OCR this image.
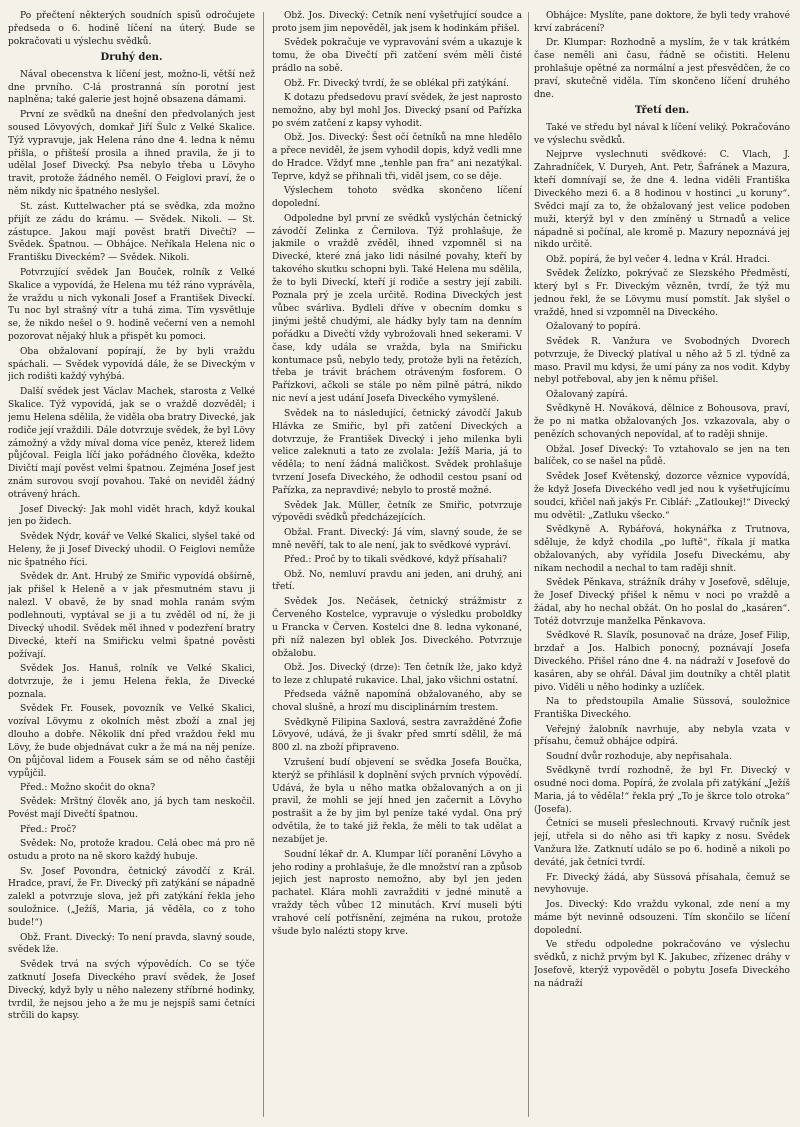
Po přečtení některých soudních spisů odročujete předseda o 6. hodině líčení na úterý. Bude se pokračovati u výslechu svědků.

Druhý den.

Nával obecenstva k líčení jest, možno-li, větší než dne prvního. C-lá prostranná sín porotní jest naplněna; také galerie jest hojně obsazena dámami.

První ze svědků na dnešní den předvolaných jest soused Lövyových, domkař Jiří Šulc z Velké Skalice. Týž vypravuje, jak Helena ráno dne 4. ledna k němu přišla, o přišteší prosila a ihned pravila, že ji to udělal Josef Divecký. Psa nebylo třeba u Lövyho travit, protože žádného neměl. O Feiglovi praví, že o něm nikdy nic špatného neslyšel.

St. zást. Kuttelwacher ptá se svědka, zda možno přijít ze zádu do krámu. — Svědek. Nikoli. — St. zástupce. Jakou mají pověst bratři Divečtí? — Svědek. Špatnou. — Obhájce. Neříkala Helena nic o Františku Diveckém? — Svědek. Nikoli.

Potvrzující svědek Jan Bouček, rolník z Velké Skalice a vypovídá, že Helena mu též ráno vyprávěla, že vraždu u nich vykonali Josef a František Diveckí. Tu noc byl strašný vítr a tuhá zima. Tím vysvětluje se, že nikdo nešel o 9. hodině večerní ven a nemohl pozorovat nějaký hluk a přispět ku pomoci.

Oba obžalovaní popírají, že by byli vraždu spáchali. — Svědek vypovídá dále, že se Diveckým v jich rodišti každý vyhýbá.

Další svědek jest Václav Machek, starosta z Velké Skalice. Týž vypovídá, jak se o vraždě dozvěděl; i jemu Helena sdělila, že viděla oba bratry Divecké, jak rodiče její vraždili. Dále dotvrzuje svědek, že byl Lövy zámožný a vždy míval doma více peněz, kterež lidem půjčoval. Feigla líčí jako pořádného člověka, kdežto Divičtí mají pověst velmi špatnou. Zejména Josef jest znám surovou svojí povahou. Také on neviděl žádný otrávený hrách.

Josef Divecký: Jak mohl vidět hrach, když koukal jen po židech.

Svědek Nýdr, kovář ve Velké Skalici, slyšel také od Heleny, že ji Josef Divecký uhodil. O Feiglovi nemůže nic špatného říci.

Svědek dr. Ant. Hrubý ze Smiřic vypovídá obšírně, jak přišel k Heleně a v jak přesmutném stavu ji nalezl. V obavě, že by snad mohla ranám svým podlehnouti, vyptával se ji a tu zvěděl od ní, že ji Divecký uhodil. Svědek měl ihned v podezření bratry Divecké, kteří na Smiřicku velmi špatné pověsti požívají.

Svědek Jos. Hanuš, rolník ve Velké Skalici, dotvrzuje, že i jemu Helena řekla, že Divecké poznala.

Svědek Fr. Fousek, povozník ve Velké Skalici, vozíval Lövymu z okolních měst zboží a znal jej dlouho a dobře. Několik dní před vraždou řekl mu Lövy, že bude objednávat cukr a že má na něj peníze. On půjčoval lidem a Fousek sám se od něho častěji vypůjčil.

Před.: Možno skočit do okna?

Svědek: Mrštný člověk ano, já bych tam neskočil. Povést mají Divečtí špatnou.

Před.: Proč?

Svědek: No, protože kradou. Celá obec má pro ně ostudu a proto na ně skoro každý hubuje.

Sv. Josef Povondra, četnický závodčí z Král. Hradce, praví, že Fr. Divecký při zatýkání se nápadně zalekl a potvrzuje slova, jež při zatýkání řekla jeho souložnice. („Ježíš, Maria, já věděla, co z toho bude!“)

Obž. Frant. Divecký: To není pravda, slavný soude, svědek lže.

Svědek trvá na svých výpovědích. Co se týče zatknutí Josefa Diveckého praví svědek, že Josef Divecký, když byly u něho nalezeny stříbrné hodinky, tvrdil, že nejsou jeho a že mu je nejspíš sami četníci strčili do kapsy.

Obž. Jos. Divecký: Četník není vyšetřující soudce a proto jsem jim nepověděl, jak jsem k hodinkám přišel.

Svědek pokračuje ve vypravování svém a ukazuje k tomu, že oba Divečtí při zatčení svém měli čisté prádlo na sobě.

Obž. Fr. Divecký tvrdí, že se oblékal při zatýkání.

K dotazu předsedovu praví svědek, že jest naprosto nemožno, aby byl mohl Jos. Divecký psaní od Pařízka po svém zatčení z kapsy vyhodit.

Obž. Jos. Divecký: Šest očí četníků na mne hledělo a přece neviděl, že jsem vyhodil dopis, když vedli mne do Hradce. Vždyť mne „tenhle pan fra“ ani nezatýkal. Teprve, když se přihnali tři, viděl jsem, co se děje.

Výslechem tohoto svědka skončeno líčení dopolední.

Odpoledne byl první ze svědků vyslýchán četnický závodčí Zelinka z Černilova. Týž prohlašuje, že jakmile o vraždě zvěděl, ihned vzpomněl si na Divecké, které zná jako lidi násilné povahy, kteří by takového skutku schopni byli. Také Helena mu sdělila, že to byli Diveckí, kteří jí rodiče a sestry její zabili. Poznala prý je zcela určitě. Rodina Diveckých jest vůbec svárliva. Bydleli dříve v obecním domku s jinými ještě chudými, ale hádky byly tam na denním pořádku a Divečtí vždy vybrožovali hned sekerami. V čase, kdy udála se vražda, byla na Smiřicku kontumace psů, nebylo tedy, protože byli na řetězích, třeba je trávit bráchem otráveným fosforem. O Pařízkovi, ačkoli se stále po něm pilně pátrá, nikdo nic neví a jest udání Josefa Diveckého vymyšlené.

Svědek na to následující, četnický závodčí Jakub Hlávka ze Smiřic, byl při zatčení Diveckých a dotvrzuje, že František Divecký i jeho milenka byli velice zaleknuti a tato ze zvolala: Ježíš Maria, já to věděla; to není žádná maličkost. Svědek prohlašuje tvrzení Josefa Diveckého, že odhodil cestou psaní od Pařízka, za nepravdivé; nebylo to prostě možné.

Svědek Jak. Müller, četník ze Smiřic, potvrzuje výpovědi svědků předcházejících.

Obžal. Frant. Divecký: Já vím, slavný soude, že se mně nevěří, tak to ale není, jak to svědkové vypráví.

Před.: Proč by to tikali svědkové, když přísahali?

Obž. No, nemluví pravdu ani jeden, ani druhý, ani třetí.

Svědek Jos. Nečásek, četnický strážmistr z Červeného Kostelce, vypravuje o výsledku proboldky u Francka v Červen. Kostelci dne 8. ledna vykonané, při níž nalezen byl oblek Jos. Diveckého. Potvrzuje obžalobu.

Obž. Jos. Divecký (drze): Ten četník lže, jako když to leze z chlupaté rukavice. Lhal, jako všichni ostatní.

Předseda vážně napomíná obžalovaného, aby se choval slušně, a hrozí mu disciplinárním trestem.

Svědkyně Filipina Saxlová, sestra zavražděné Žofie Lövyové, udává, že ji švakr před smrtí sdělil, že má 800 zl. na zboží připraveno.

Vzrušení budí objevení se svědka Josefa Boučka, kterýž se přihlásil k doplnění svých prvních výpovědí. Udává, že byla u něho matka obžalovaných a on ji pravil, že mohli se její hned jen začernit a Lövyho postrašit a že by jim byl peníze také vydal. Ona prý odvětila, že to také již řekla, že měli to tak udělat a nezabíjet je.

Soudní lékař dr. A. Klumpar líčí poranění Lövyho a jeho rodiny a prohlašuje, že dle množství ran a způsob jejich jest naprosto nemožno, aby byl jen jeden pachatel. Klára mohli zavražditi v jedné minutě a vraždy těch vůbec 12 minutách. Krví museli býti vrahové celí potřísnění, zejména na rukou, protože všude bylo nalézti stopy krve.

Obhájce: Myslíte, pane doktore, že byli tedy vrahové krví zabrácení?

Dr. Klumpar: Rozhodně a myslím, že v tak krátkém čase neměli ani času, řádně se očistiti. Helenu prohlašuje opětné za normální a jest přesvědčen, že co praví, skutečně viděla. Tím skončeno líčení druhého dne.

Třetí den.

Také ve středu byl nával k líčení veliký. Pokračováno ve výslechu svědků.

Nejprve vyslechnuti svědkové: C. Vlach, J. Zahradníček, V. Duryeh, Ant. Petr, Šafránek a Mazura, kteří domnívají se, že dne 4. ledna viděli Františka Diveckého mezi 6. a 8 hodinou v hostinci „u koruny“. Svědci mají za to, že obžalovaný jest velice podoben muži, kterýž byl v den zmíněný u Strnadů a velice nápadně si počínal, ale kromě p. Mazury nepoznává jej nikdo určitě.

Obž. popírá, že byl večer 4. ledna v Král. Hradci.

Svědek Želízko, pokrývač ze Slezského Předměstí, který byl s Fr. Diveckým vězněn, tvrdí, že týž mu jednou řekl, že se Lövymu musí pomstít. Jak slyšel o vraždě, hned si vzpomněl na Diveckého.

Ožalovaný to popírá.

Svědek R. Vanžura ve Svobodných Dvorech potvrzuje, že Divecký platíval u něho až 5 zl. týdně za maso. Pravil mu kdysi, že umí pány za nos vodit. Kdyby nebyl potřeboval, aby jen k němu přišel.

Ožalovaný zapírá.

Svědkyně H. Nováková, dělnice z Bohousova, praví, že po ni matka obžalovaných Jos. vzkazovala, aby o penězích schovaných nepovídal, ať to raději shnije.

Obžal. Josef Divecký: To vztahovalo se jen na ten balíček, co se našel na půdě.

Svědek Josef Květenský, dozorce věznice vypovídá, že když Josefa Diveckého vedl jed nou k vyšetřujícímu soudci, křičel naň jakýs Fr. Ciblář: „Zatloukej!“ Divecký mu odvětil: „Zatluku všecko.“

Svědkyně A. Rybářová, hokynářka z Trutnova, sděluje, že když chodila „po luftě“, říkala jí matka obžalovaných, aby vyřídila Josefu Diveckému, aby nikam nechodil a nechal to tam raději shnít.

Svědek Pěnkava, strážník dráhy v Josefově, sděluje, že Josef Divecký přišel k němu v noci po vraždě a žádal, aby ho nechal obžát. On ho poslal do „kasáren“. Totéž dotvrzuje manželka Pěnkavova.

Svědkové R. Slavík, posunovač na dráze, Josef Filip, brzdař a Jos. Halbich ponocný, poznávají Josefa Diveckého. Přišel ráno dne 4. na nádraží v Josefově do kasáren, aby se ohřál. Dával jim doutníky a chtěl platit pivo. Viděli u něho hodinky a uzlíček.

Na to předstoupila Amalie Süssová, souložnice Františka Diveckého.

Veřejný žalobník navrhuje, aby nebyla vzata v přísahu, čemuž obhájce odpírá.

Soudní dvůr rozhoduje, aby nepřisahala.

Svědkyně tvrdí rozhodně, že byl Fr. Divecký v osudné noci doma. Popírá, že zvolala při zatýkání „Ježíš Maria, já to věděla!“ řekla prý „To je škrce tolo otroka“ (Josefa).

Četníci se museli přeslechnouti. Krvavý ručník jest její, utřela si do něho asi tři kapky z nosu. Svědek Vanžura lže. Zatknutí událo se po 6. hodině a nikoli po deváté, jak četníci tvrdí.

Fr. Divecký žádá, aby Süssová přísahala, čemuž se nevyhovuje.

Jos. Divecký: Kdo vraždu vykonal, zde není a my máme být nevinně odsouzeni. Tím skončilo se líčení dopolední.

Ve středu odpoledne pokračováno ve výslechu svědků, z nichž prvým byl K. Jakubec, zřízenec dráhy v Josefově, kterýž vypověděl o pobytu Josefa Diveckého na nádraží
